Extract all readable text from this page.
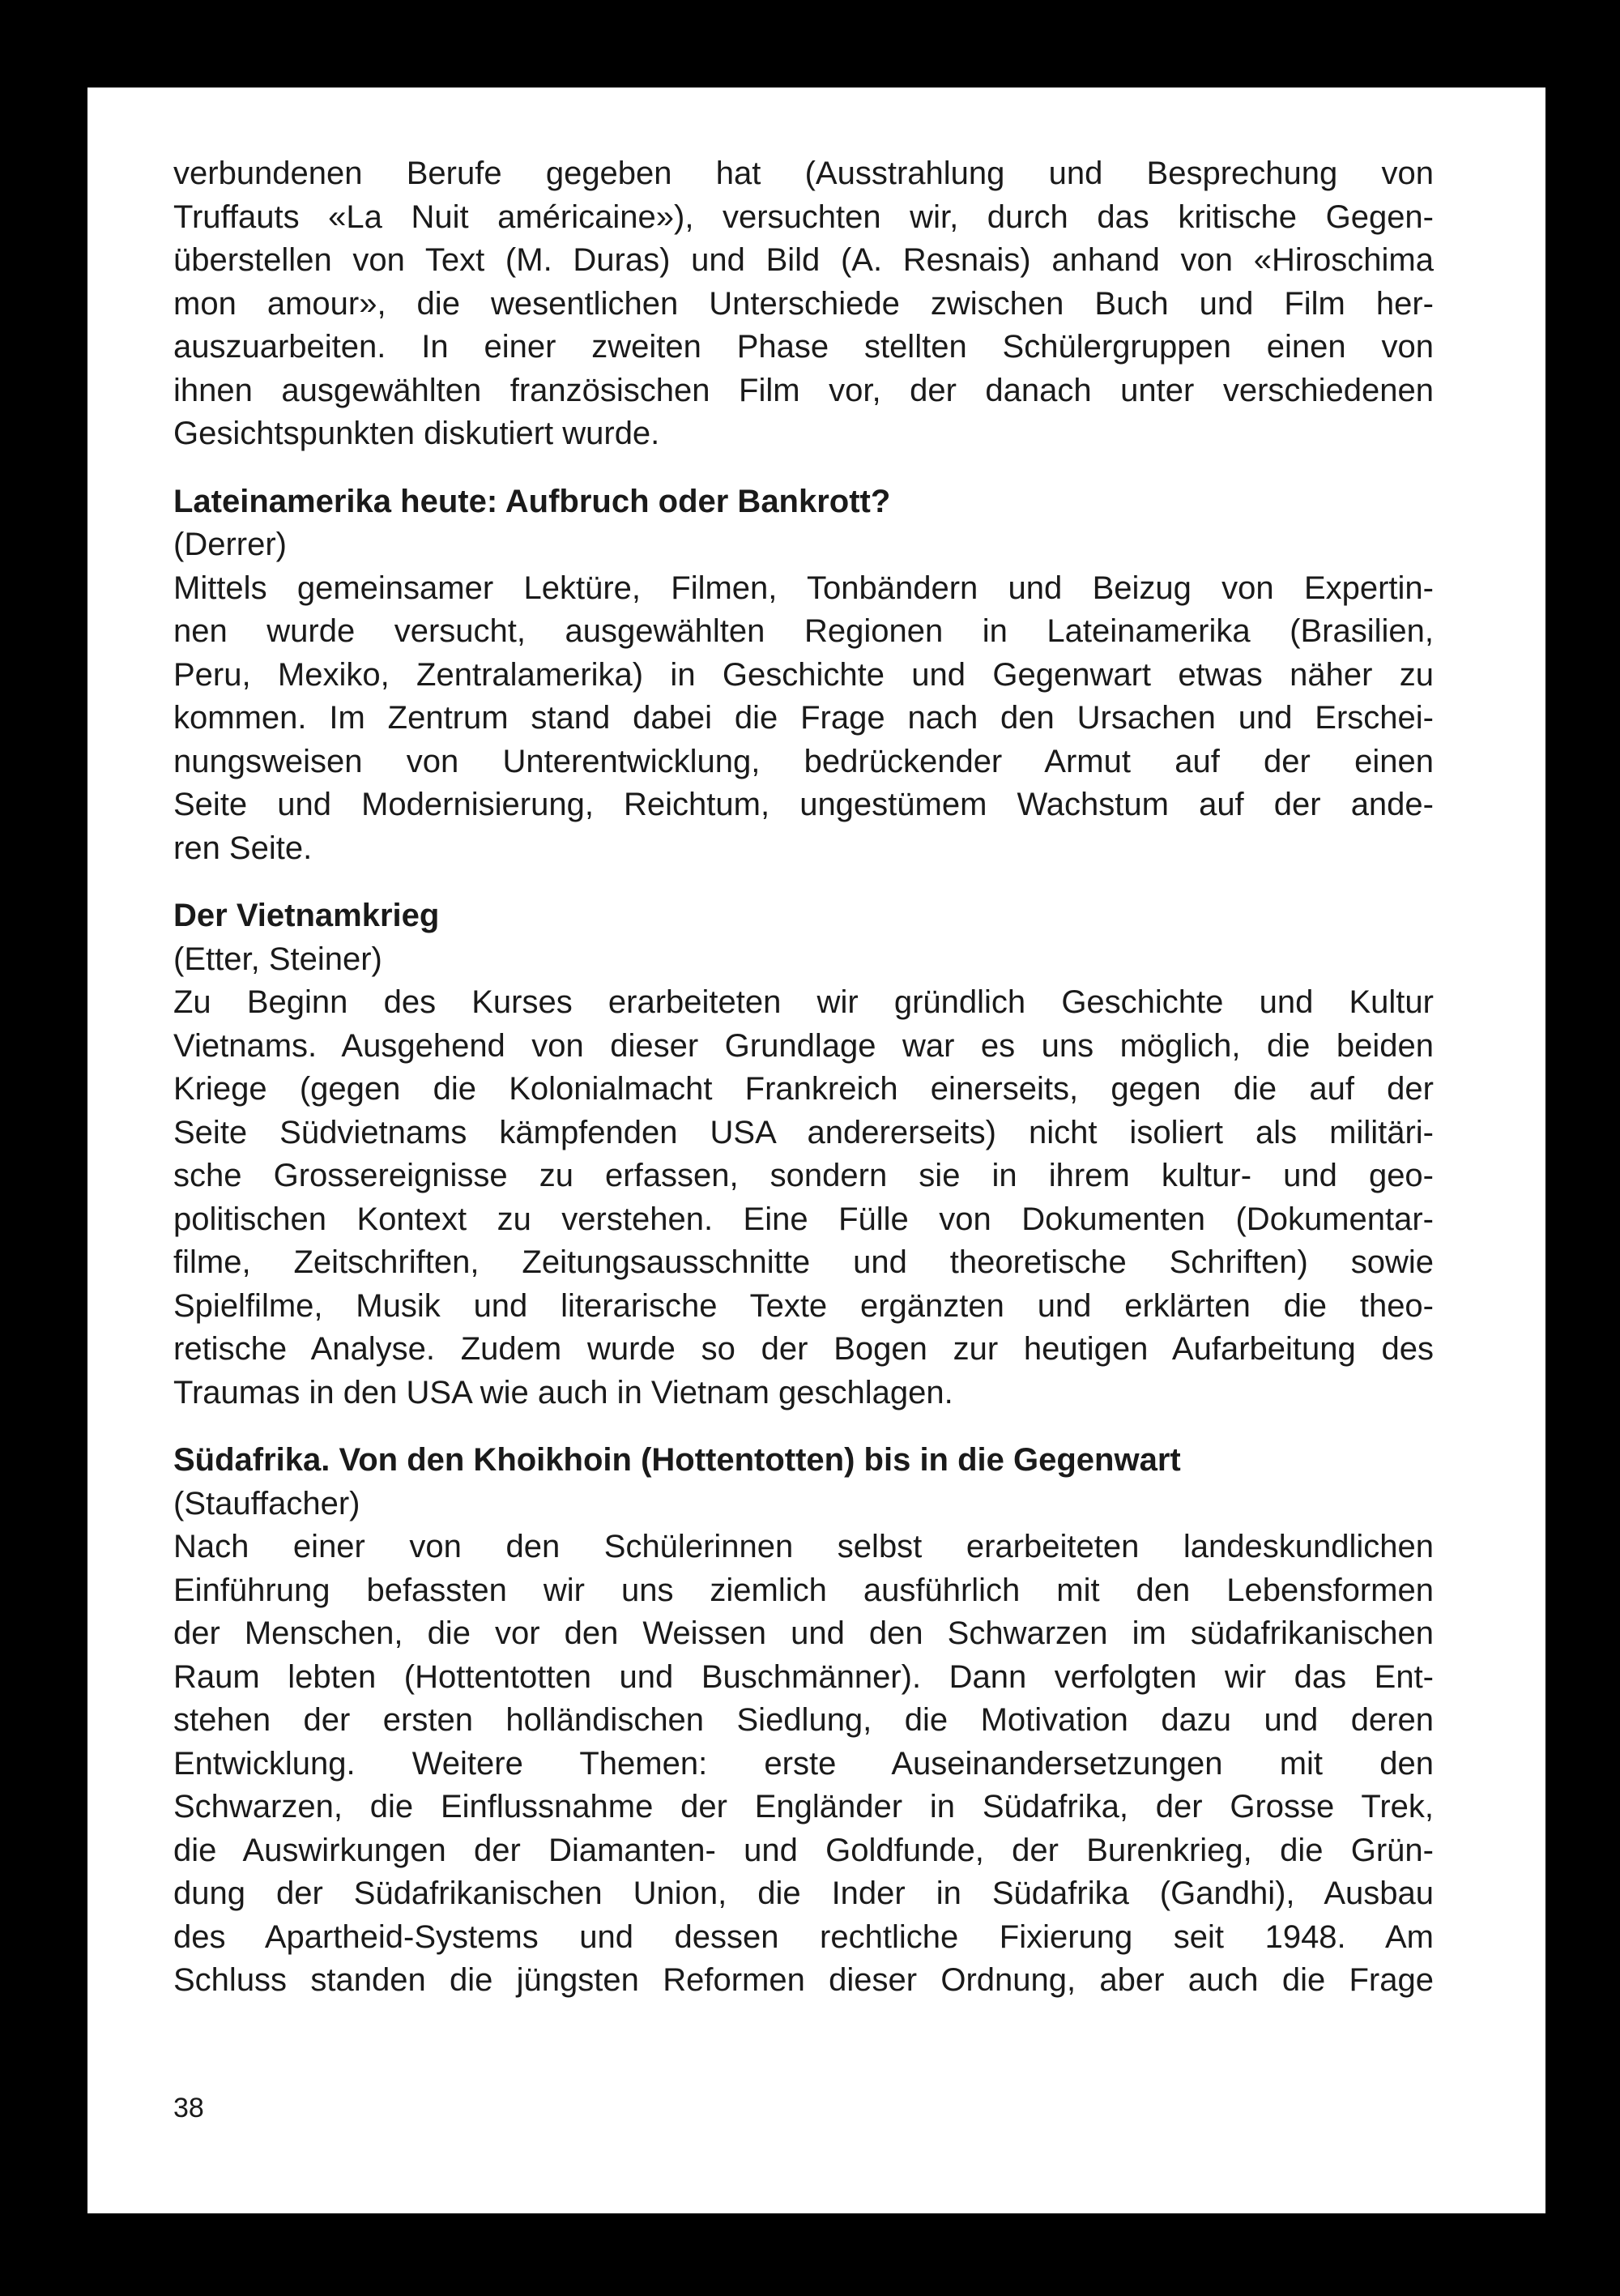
verbundenen Berufe gegeben hat (Ausstrahlung und Besprechung von
Truffauts «La Nuit américaine»), versuchten wir, durch das kritische Gegen-
überstellen von Text (M. Duras) und Bild (A. Resnais) anhand von «Hiroschima
mon amour», die wesentlichen Unterschiede zwischen Buch und Film her-
auszuarbeiten. In einer zweiten Phase stellten Schülergruppen einen von
ihnen ausgewählten französischen Film vor, der danach unter verschiedenen
Gesichtspunkten diskutiert wurde.

Lateinamerika heute: Aufbruch oder Bankrott?

(Derrer)

Mittels gemeinsamer Lektüre, Filmen, Tonbändern und Beizug von Expertin-
nen wurde versucht, ausgewählten Regionen in Lateinamerika (Brasilien,
Peru, Mexiko, Zentralamerika) in Geschichte und Gegenwart etwas näher zu
kommen. Im Zentrum stand dabei die Frage nach den Ursachen und Erschei-
nungsweisen von Unterentwicklung, bedrückender Armut auf der einen
Seite und Modernisierung, Reichtum, ungestümem Wachstum auf der ande-
ren Seite.

Der Vietnamkrieg

(Etter, Steiner)

Zu Beginn des Kurses erarbeiteten wir gründlich Geschichte und Kultur
Vietnams. Ausgehend von dieser Grundlage war es uns möglich, die beiden
Kriege (gegen die Kolonialmacht Frankreich einerseits, gegen die auf der
Seite Südvietnams kämpfenden USA andererseits) nicht isoliert als militäri-
sche Grossereignisse zu erfassen, sondern sie in ihrem kultur- und geo-
politischen Kontext zu verstehen. Eine Fülle von Dokumenten (Dokumentar-
filme, Zeitschriften, Zeitungsausschnitte und theoretische Schriften) sowie
Spielfilme, Musik und literarische Texte ergänzten und erklärten die theo-
retische Analyse. Zudem wurde so der Bogen zur heutigen Aufarbeitung des
Traumas in den USA wie auch in Vietnam geschlagen.

Südafrika. Von den Khoikhoin (Hottentotten) bis in die Gegenwart

(Stauffacher)

Nach einer von den Schülerinnen selbst erarbeiteten landeskundlichen
Einführung befassten wir uns ziemlich ausführlich mit den Lebensformen
der Menschen, die vor den Weissen und den Schwarzen im südafrikanischen
Raum lebten (Hottentotten und Buschmänner). Dann verfolgten wir das Ent-
stehen der ersten holländischen Siedlung, die Motivation dazu und deren
Entwicklung. Weitere Themen: erste Auseinandersetzungen mit den
Schwarzen, die Einflussnahme der Engländer in Südafrika, der Grosse Trek,
die Auswirkungen der Diamanten- und Goldfunde, der Burenkrieg, die Grün-
dung der Südafrikanischen Union, die Inder in Südafrika (Gandhi), Ausbau
des Apartheid-Systems und dessen rechtliche Fixierung seit 1948. Am
Schluss standen die jüngsten Reformen dieser Ordnung, aber auch die Frage

38
